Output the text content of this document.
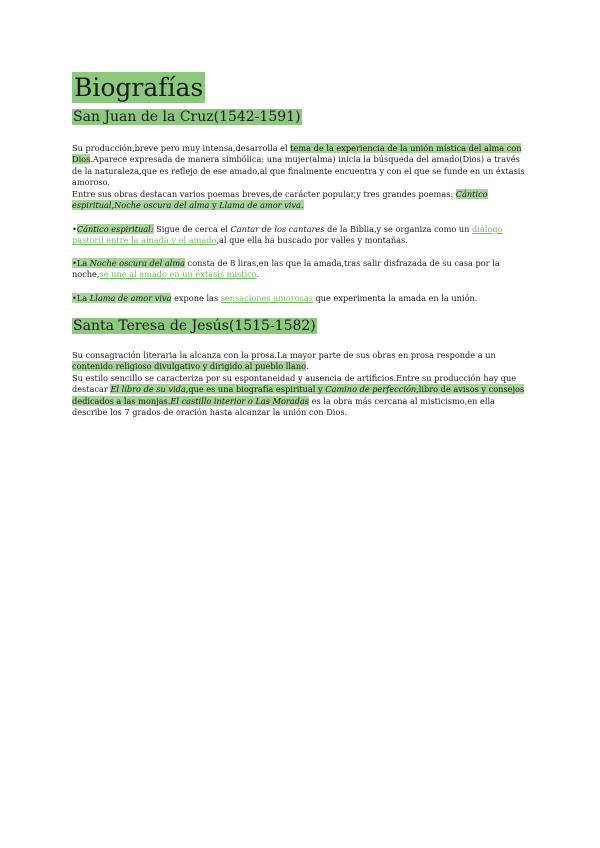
Biografías
San Juan de la Cruz(1542-1591)

Su producción,breve pero muy intensa,desarrolla el tema de la experiencia de la unión mística del alma con Dios.Aparece expresada de manera simbólica: una mujer(alma) inicia la búsqueda del amado(Dios) a través de la naturaleza,que es reflejo de ese amado,al que finalmente encuentra y con el que se funde en un éxtasis amoroso.

Entre sus obras destacan varios poemas breves,de carácter popular,y tres grandes poemas: Cántico espiritual,Noche oscura del alma y Llama de amor viva.

•Cántico espiritual: Sigue de cerca el Cantar de los cantares de la Biblia,y se organiza como un diálogo pastoril entre la amada y el amado,al que ella ha buscado por valles y montañas.

•La Noche oscura del alma consta de 8 liras,en las que la amada,tras salir disfrazada de su casa por la noche,se une al amado en un éxtasis místico.

•La Llama de amor viva expone las sensaciones amorosas que experimenta la amada en la unión.

Santa Teresa de Jesús(1515-1582)

Su consagración literaria la alcanza con la prosa.La mayor parte de sus obras en prosa responde a un contenido religioso divulgativo y dirigido al pueblo llano.

Su estilo sencillo se caracteriza por su espontaneidad y ausencia de artificios.Entre su producción hay que destacar El libro de su vida,que es una biografía espiritual y Camino de perfección,libro de avisos y consejos dedicados a las monjas.El castillo interior o Las Moradas es la obra más cercana al misticismo,en ella describe los 7 grados de oración hasta alcanzar la unión con Dios.
